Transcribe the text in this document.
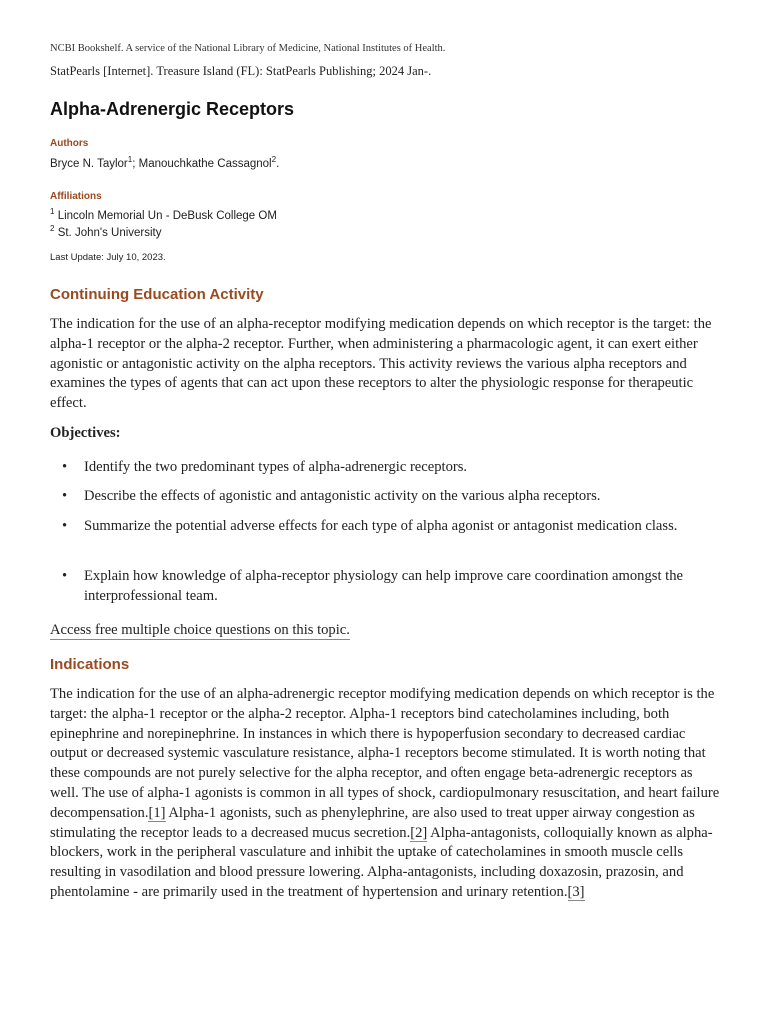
NCBI Bookshelf. A service of the National Library of Medicine, National Institutes of Health.
StatPearls [Internet]. Treasure Island (FL): StatPearls Publishing; 2024 Jan-.
Alpha-Adrenergic Receptors
Authors
Bryce N. Taylor$^1$; Manouchkathe Cassagnol$^2$.
Affiliations
$^1$ Lincoln Memorial Un - DeBusk College OM
$^2$ St. John's University
Last Update: July 10, 2023.
Continuing Education Activity

The indication for the use of an alpha-receptor modifying medication depends on which receptor is the target: the alpha-1 receptor or the alpha-2 receptor. Further, when administering a pharmacologic agent, it can exert either agonistic or antagonistic activity on the alpha receptors. This activity reviews the various alpha receptors and examines the types of agents that can act upon these receptors to alter the physiologic response for therapeutic effect.

Objectives:
• Identify the two predominant types of alpha-adrenergic receptors.
• Describe the effects of agonistic and antagonistic activity on the various alpha receptors.
• Summarize the potential adverse effects for each type of alpha agonist or antagonist medication class.
• Explain how knowledge of alpha-receptor physiology can help improve care coordination amongst the interprofessional team.
Access free multiple choice questions on this topic.
Indications

The indication for the use of an alpha-adrenergic receptor modifying medication depends on which receptor is the target: the alpha-1 receptor or the alpha-2 receptor. Alpha-1 receptors bind catecholamines including, both epinephrine and norepinephrine. In instances in which there is hypoperfusion secondary to decreased cardiac output or decreased systemic vasculature resistance, alpha-1 receptors become stimulated. It is worth noting that these compounds are not purely selective for the alpha receptor, and often engage beta-adrenergic receptors as well. The use of alpha-1 agonists is common in all types of shock, cardiopulmonary resuscitation, and heart failure decompensation.[1] Alpha-1 agonists, such as phenylephrine, are also used to treat upper airway congestion as stimulating the receptor leads to a decreased mucus secretion.[2] Alpha-antagonists, colloquially known as alpha-blockers, work in the peripheral vasculature and inhibit the uptake of catecholamines in smooth muscle cells resulting in vasodilation and blood pressure lowering. Alpha-antagonists, including doxazosin, prazosin, and phentolamine - are primarily used in the treatment of hypertension and urinary retention.[3]
